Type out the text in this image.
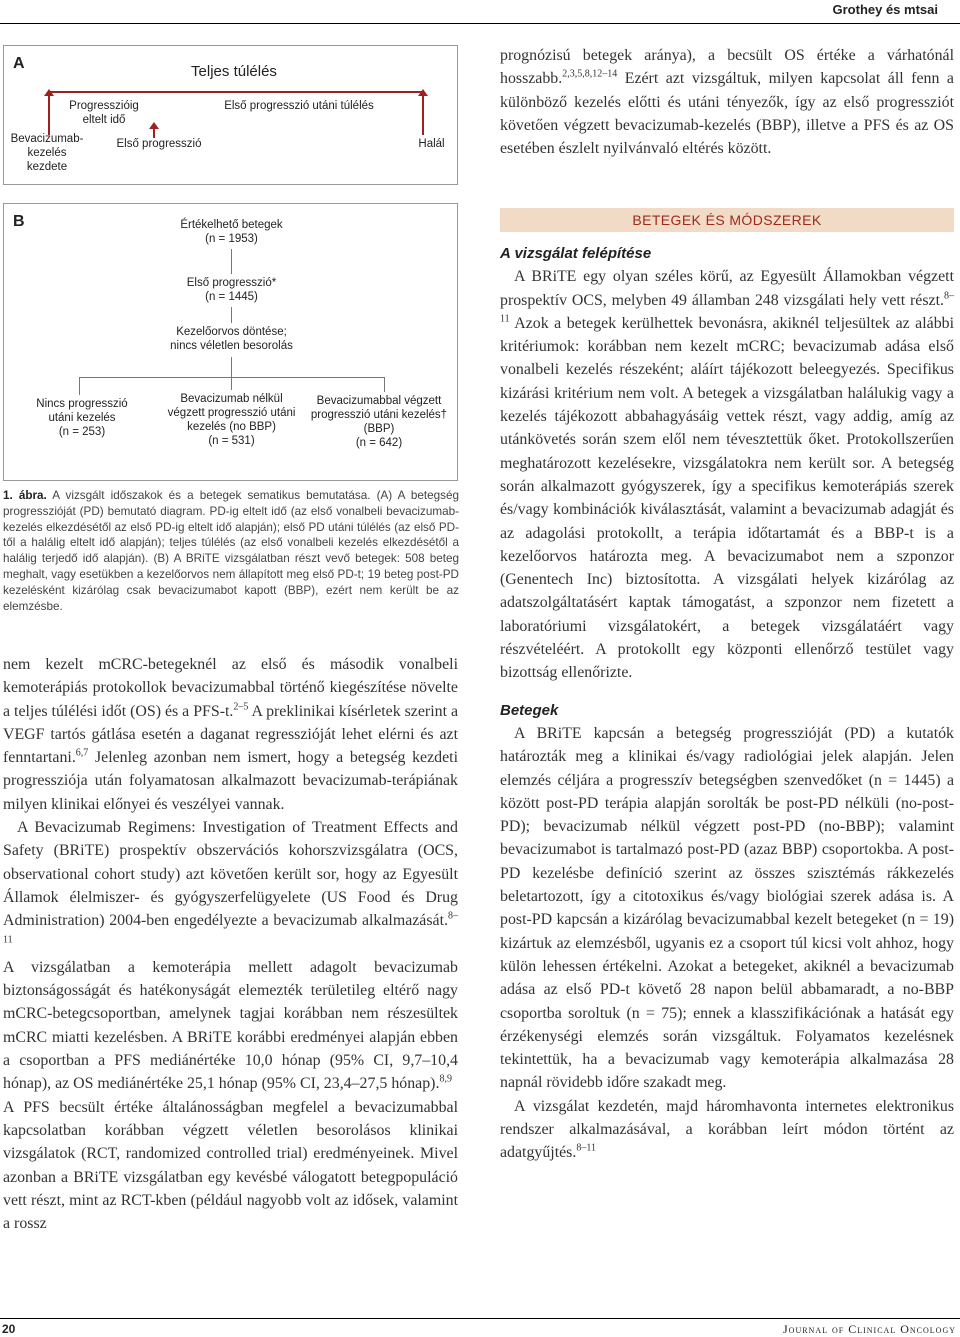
Grothey és mtsai
A	Teljes túlélés
Progresszióig eltelt idő
Első progresszió utáni túlélés
Bevacizumab-kezelés kezdete
Első progresszió	Halál
B	Értékelhető betegek
(n = 1953)
Első progresszió*
(n = 1445)
Kezelőorvos döntése;
nincs véletlen besorolás
Nincs progresszió utáni kezelés
(n = 253)
Bevacizumab nélkül végzett progresszió utáni kezelés (no BBP)
(n = 531)
Bevacizumabbal végzett progresszió utáni kezelés† (BBP)
(n = 642)
1. ábra. A vizsgált időszakok és a betegek sematikus bemutatása. (A) A betegség progresszióját (PD) bemutató diagram. PD-ig eltelt idő (az első vonalbeli bevacizumab-kezelés elkezdésétől az első PD-ig eltelt idő alapján); első PD utáni túlélés (az első PD-től a halálig eltelt idő alapján); teljes túlélés (az első vonalbeli kezelés elkezdésétől a halálig terjedő idő alapján). (B) A BRiTE vizsgálatban részt vevő betegek: 508 beteg meghalt, vagy esetükben a kezelőorvos nem állapított meg első PD-t; 19 beteg post-PD kezelésként kizárólag csak bevacizumabot kapott (BBP), ezért nem került be az elemzésbe.

nem kezelt mCRC-betegeknél az első és második vonalbeli kemoterápiás protokollok bevacizumabbal történő kiegészítése növelte a teljes túlélési időt (OS) és a PFS-t.$^{2-5}$ A preklinikai kísérletek szerint a VEGF tartós gátlása esetén a daganat regresszióját lehet elérni és azt fenntartani.$^{6,7}$ Jelenleg azonban nem ismert, hogy a betegség kezdeti progressziója után folyamatosan alkalmazott bevacizumab-terápiának milyen klinikai előnyei és veszélyei vannak.

A Bevacizumab Regimens: Investigation of Treatment Effects and Safety (BRiTE) prospektív obszervációs kohorszvizsgálatra (OCS, observational cohort study) azt követően került sor, hogy az Egyesült Államok élelmiszer- és gyógyszerfelügyelete (US Food és Drug Administration) 2004-ben engedélyezte a bevacizumab alkalmazását.$^{8-11}$

A vizsgálatban a kemoterápia mellett adagolt bevacizumab biztonságosságát és hatékonyságát elemezték területileg eltérő nagy mCRC-betegcsoportban, amelynek tagjai korábban nem részesültek mCRC miatti kezelésben. A BRiTE korábbi eredményei alapján ebben a csoportban a PFS mediánértéke 10,0 hónap (95% CI, 9,7–10,4 hónap), az OS mediánértéke 25,1 hónap (95% CI, 23,4–27,5 hónap).$^{8,9}$

A PFS becsült értéke általánosságban megfelel a bevacizumabbal kapcsolatban korábban végzett véletlen besorolásos klinikai vizsgálatok (RCT, randomized controlled trial) eredményeinek. Mivel azonban a BRiTE vizsgálatban egy kevésbé válogatott betegpopuláció vett részt, mint az RCT-kben (például nagyobb volt az idősek, valamint a rossz

prognózisú betegek aránya), a becsült OS értéke a várhatónál hosszabb.$^{2,3,5,8,12-14}$ Ezért azt vizsgáltuk, milyen kapcsolat áll fenn a különböző kezelés előtti és utáni tényezők, így az első progressziót követően végzett bevacizumab-kezelés (BBP), illetve a PFS és az OS esetében észlelt nyilvánvaló eltérés között.

BETEGEK ÉS MÓDSZEREK
A vizsgálat felépítése

A BRiTE egy olyan széles körű, az Egyesült Államokban végzett prospektív OCS, melyben 49 államban 248 vizsgálati hely vett részt.$^{8-11}$ Azok a betegek kerülhettek bevonásra, akiknél teljesültek az alábbi kritériumok: korábban nem kezelt mCRC; bevacizumab adása első vonalbeli kezelés részeként; aláírt tájékozott beleegyezés. Specifikus kizárási kritérium nem volt. A betegek a vizsgálatban halálukig vagy a kezelés tájékozott abbahagyásáig vettek részt, vagy addig, amíg az utánkövetés során szem elől nem tévesztettük őket. Protokollszerűen meghatározott kezelésekre, vizsgálatokra nem került sor. A betegség során alkalmazott gyógyszerek, így a specifikus kemoterápiás szerek és/vagy kombinációk kiválasztását, valamint a bevacizumab adagját és az adagolási protokollt, a terápia időtartamát és a BBP-t is a kezelőorvos határozta meg. A bevacizumabot nem a szponzor (Genentech Inc) biztosította. A vizsgálati helyek kizárólag az adatszolgáltatásért kaptak támogatást, a szponzor nem fizetett a laboratóriumi vizsgálatokért, a betegek vizsgálatáért vagy részvételéért. A protokollt egy központi ellenőrző testület vagy bizottság ellenőrizte.

Betegek

A BRiTE kapcsán a betegség progresszióját (PD) a kutatók határozták meg a klinikai és/vagy radiológiai jelek alapján. Jelen elemzés céljára a progresszív betegségben szenvedőket (n = 1445) a között post-PD terápia alapján sorolták be post-PD nélküli (no-post-PD); bevacizumab nélkül végzett post-PD (no-BBP); valamint bevacizumabot is tartalmazó post-PD (azaz BBP) csoportokba. A post-PD kezelésbe definíció szerint az összes szisztémás rákkezelés beletartozott, így a citotoxikus és/vagy biológiai szerek adása is. A post-PD kapcsán a kizárólag bevacizumabbal kezelt betegeket (n = 19) kizártuk az elemzésből, ugyanis ez a csoport túl kicsi volt ahhoz, hogy külön lehessen értékelni. Azokat a betegeket, akiknél a bevacizumab adása az első PD-t követő 28 napon belül abbamaradt, a no-BBP csoportba soroltuk (n = 75); ennek a klasszifikációnak a hatását egy érzékenységi elemzés során vizsgáltuk. Folyamatos kezelésnek tekintettük, ha a bevacizumab vagy kemoterápia alkalmazása 28 napnál rövidebb időre szakadt meg.

A vizsgálat kezdetén, majd háromhavonta internetes elektronikus rendszer alkalmazásával, a korábban leírt módon történt az adatgyűjtés.$^{8-11}$

20	Journal of Clinical Oncology
